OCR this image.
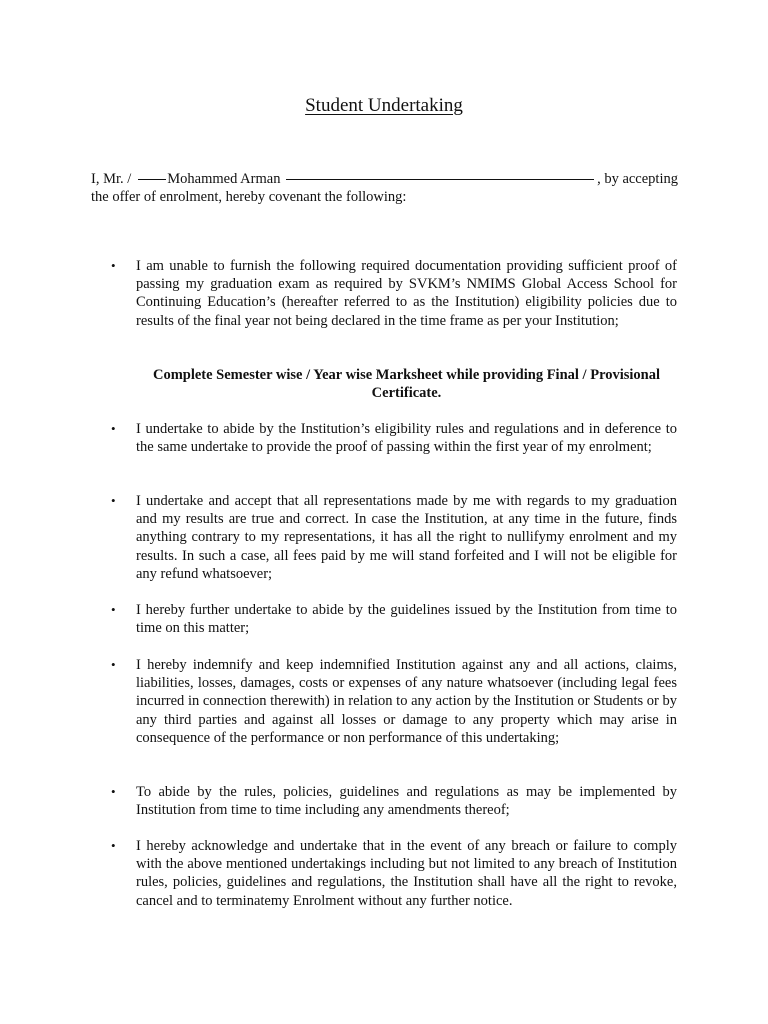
Student Undertaking
I, Mr. / Mohammed Arman	, by accepting
the offer of enrolment, hereby covenant the following:
• I am unable to furnish the following required documentation providing sufficient proof of passing my graduation exam as required by SVKM’s NMIMS Global Access School for Continuing Education’s (hereafter referred to as the Institution) eligibility policies due to results of the final year not being declared in the time frame as per your Institution;
• I undertake to abide by the Institution’s eligibility rules and regulations and in deference to the same undertake to provide the proof of passing within the first year of my enrolment;
• I undertake and accept that all representations made by me with regards to my graduation and my results are true and correct. In case the Institution, at any time in the future, finds anything contrary to my representations, it has all the right to nullifymy enrolment and my results. In such a case, all fees paid by me will stand forfeited and I will not be eligible for any refund whatsoever;
• I hereby further undertake to abide by the guidelines issued by the Institution from time to time on this matter;
• I hereby indemnify and keep indemnified Institution against any and all actions, claims, liabilities, losses, damages, costs or expenses of any nature whatsoever (including legal fees incurred in connection therewith) in relation to any action by the Institution or Students or by any third parties and against all losses or damage to any property which may arise in consequence of the performance or non performance of this undertaking;
• To abide by the rules, policies, guidelines and regulations as may be implemented by Institution from time to time including any amendments thereof;
• I hereby acknowledge and undertake that in the event of any breach or failure to comply with the above mentioned undertakings including but not limited to any breach of Institution rules, policies, guidelines and regulations, the Institution shall have all the right to revoke, cancel and to terminatemy Enrolment without any further notice.
Complete Semester wise / Year wise Marksheet while providing Final / Provisional Certificate.
